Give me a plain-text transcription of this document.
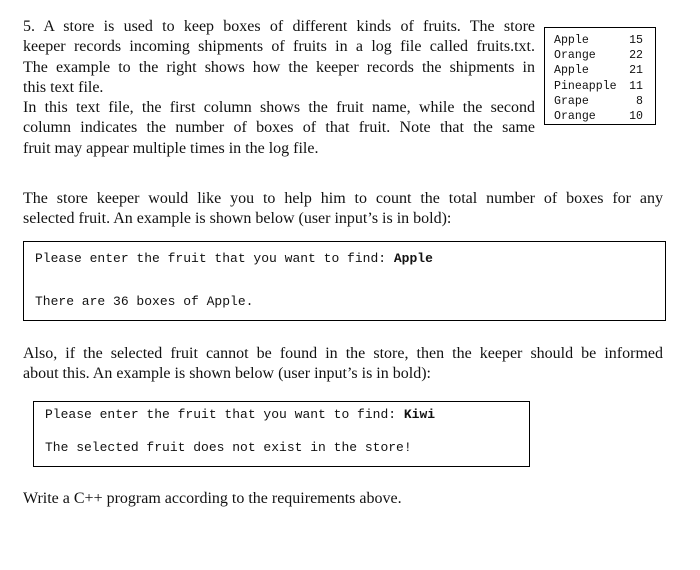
5. A store is used to keep boxes of different kinds of fruits. The store
keeper records incoming shipments of fruits in a log file called fruits.txt.
The example to the right shows how the keeper records the shipments in
this text file.
In this text file, the first column shows the fruit name, while the second
column indicates the number of boxes of that fruit. Note that the same
fruit may appear multiple times in the log file.
Apple	15
Orange	22
Apple	21
Pineapple 11
Grape	8
Orange	10
The store keeper would like you to help him to count the total number of boxes for any
selected fruit. An example is shown below (user input’s is in bold):
Please enter the fruit that you want to find: Apple
There are 36 boxes of Apple.
Also, if the selected fruit cannot be found in the store, then the keeper should be informed
about this. An example is shown below (user input’s is in bold):
Please enter the fruit that you want to find: Kiwi
The selected fruit does not exist in the store!
Write a C++ program according to the requirements above.
